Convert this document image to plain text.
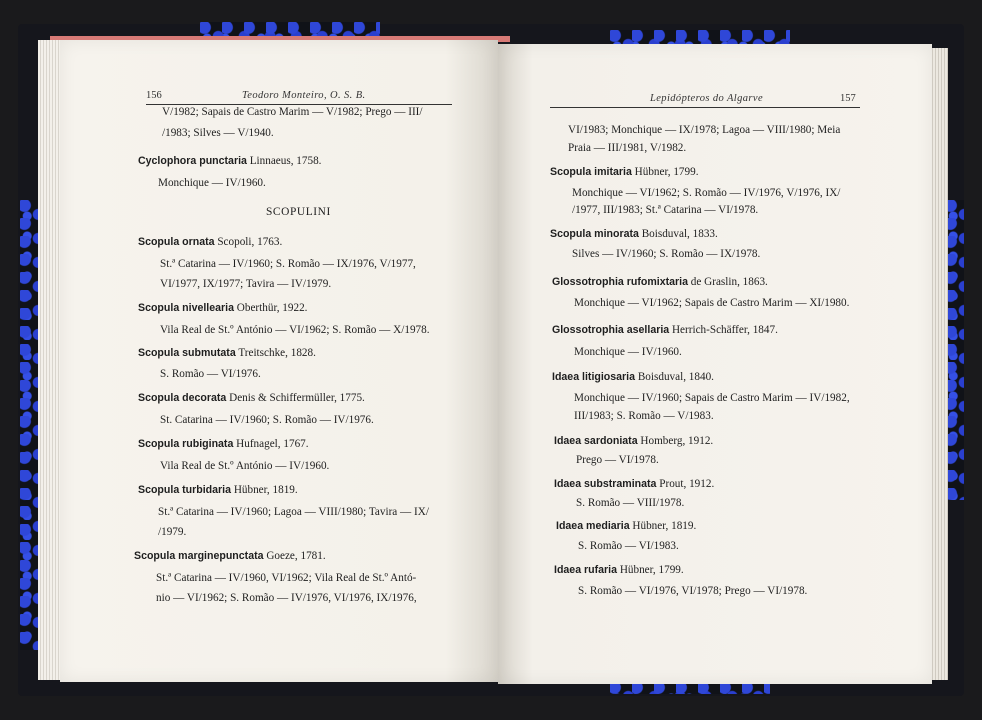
156	Teodoro Monteiro, O. S. B.
V/1982; Sapais de Castro Marim — V/1982; Prego — III/
/1983; Silves — V/1940.
Cyclophora punctaria Linnaeus, 1758.
Monchique — IV/1960.
SCOPULINI
Scopula ornata Scopoli, 1763.
St.ª Catarina — IV/1960; S. Romão — IX/1976, V/1977,
VI/1977, IX/1977; Tavira — IV/1979.
Scopula nivellearia Oberthür, 1922.
Vila Real de St.º António — VI/1962; S. Romão — X/1978.
Scopula submutata Treitschke, 1828.
S. Romão — VI/1976.
Scopula decorata Denis & Schiffermüller, 1775.
St. Catarina — IV/1960; S. Romão — IV/1976.
Scopula rubiginata Hufnagel, 1767.
Vila Real de St.º António — IV/1960.
Scopula turbidaria Hübner, 1819.
St.ª Catarina — IV/1960; Lagoa — VIII/1980; Tavira — IX/
/1979.
Scopula marginepunctata Goeze, 1781.
St.ª Catarina — IV/1960, VI/1962; Vila Real de St.º Antó-
nio — VI/1962; S. Romão — IV/1976, VI/1976, IX/1976,
Lepidópteros do Algarve	157
VI/1983; Monchique — IX/1978; Lagoa — VIII/1980; Meia
Praia — III/1981, V/1982.
Scopula imitaria Hübner, 1799.
Monchique — VI/1962; S. Romão — IV/1976, V/1976, IX/
/1977, III/1983; St.ª Catarina — VI/1978.
Scopula minorata Boisduval, 1833.
Silves — IV/1960; S. Romão — IX/1978.
Glossotrophia rufomixtaria de Graslin, 1863.
Monchique — VI/1962; Sapais de Castro Marim — XI/1980.
Glossotrophia asellaria Herrich-Schäffer, 1847.
Monchique — IV/1960.
Idaea litigiosaria Boisduval, 1840.
Monchique — IV/1960; Sapais de Castro Marim — IV/1982,
III/1983; S. Romão — V/1983.
Idaea sardoniata Homberg, 1912.
Prego — VI/1978.
Idaea substraminata Prout, 1912.
S. Romão — VIII/1978.
Idaea mediaria Hübner, 1819.
S. Romão — VI/1983.
Idaea rufaria Hübner, 1799.
S. Romão — VI/1976, VI/1978; Prego — VI/1978.
